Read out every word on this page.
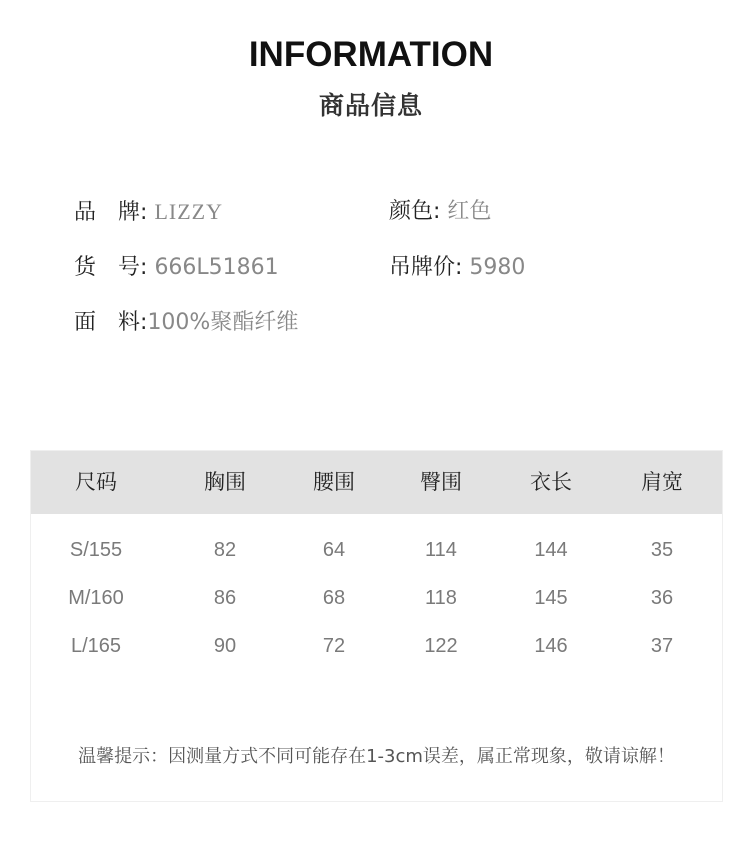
INFORMATION
商品信息
品 牌: LIZZY	颜色: 红色
货 号: 666L51861	吊牌价: 5980
面 料:100%聚酯纤维
尺码	胸围	腰围	臀围	衣长	肩宽
S/155	82	64	114	144	35
M/160	86	68	118	145	36
L/165	90	72	122	146	37
温馨提示：因测量方式不同可能存在1-3cm误差，属正常现象，敬请谅解！
